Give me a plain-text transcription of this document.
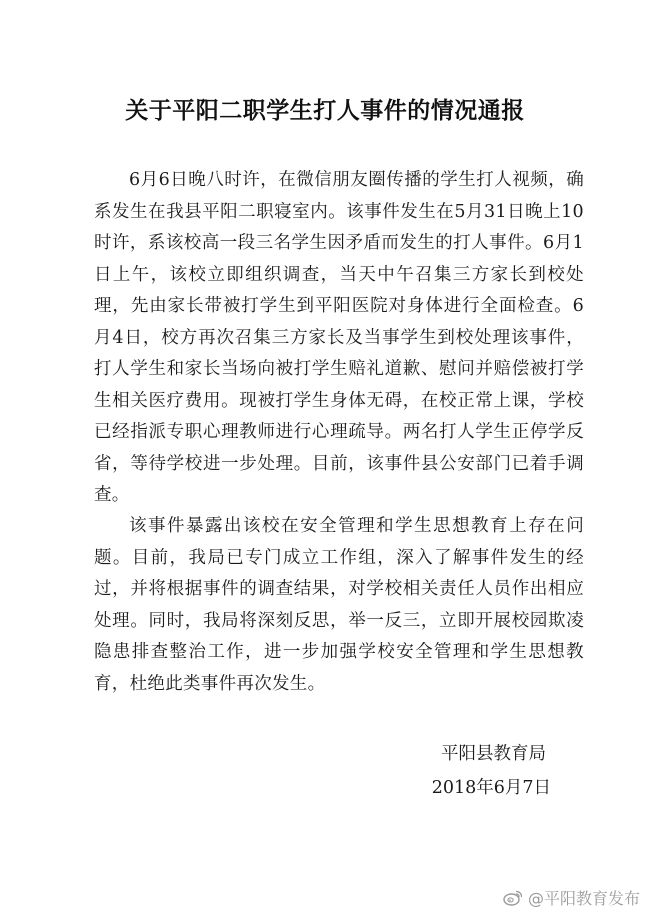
关于平阳二职学生打人事件的情况通报

6月6日晚八时许，在微信朋友圈传播的学生打人视频，确系发生在我县平阳二职寝室内。该事件发生在5月31日晚上10时许，系该校高一段三名学生因矛盾而发生的打人事件。6月1日上午，该校立即组织调查，当天中午召集三方家长到校处理，先由家长带被打学生到平阳医院对身体进行全面检查。6月4日，校方再次召集三方家长及当事学生到校处理该事件，打人学生和家长当场向被打学生赔礼道歉、慰问并赔偿被打学生相关医疗费用。现被打学生身体无碍，在校正常上课，学校已经指派专职心理教师进行心理疏导。两名打人学生正停学反省，等待学校进一步处理。目前，该事件县公安部门已着手调查。

该事件暴露出该校在安全管理和学生思想教育上存在问题。目前，我局已专门成立工作组，深入了解事件发生的经过，并将根据事件的调查结果，对学校相关责任人员作出相应处理。同时，我局将深刻反思，举一反三，立即开展校园欺凌隐患排查整治工作，进一步加强学校安全管理和学生思想教育，杜绝此类事件再次发生。

平阳县教育局

2018年6月7日

@平阳教育发布
